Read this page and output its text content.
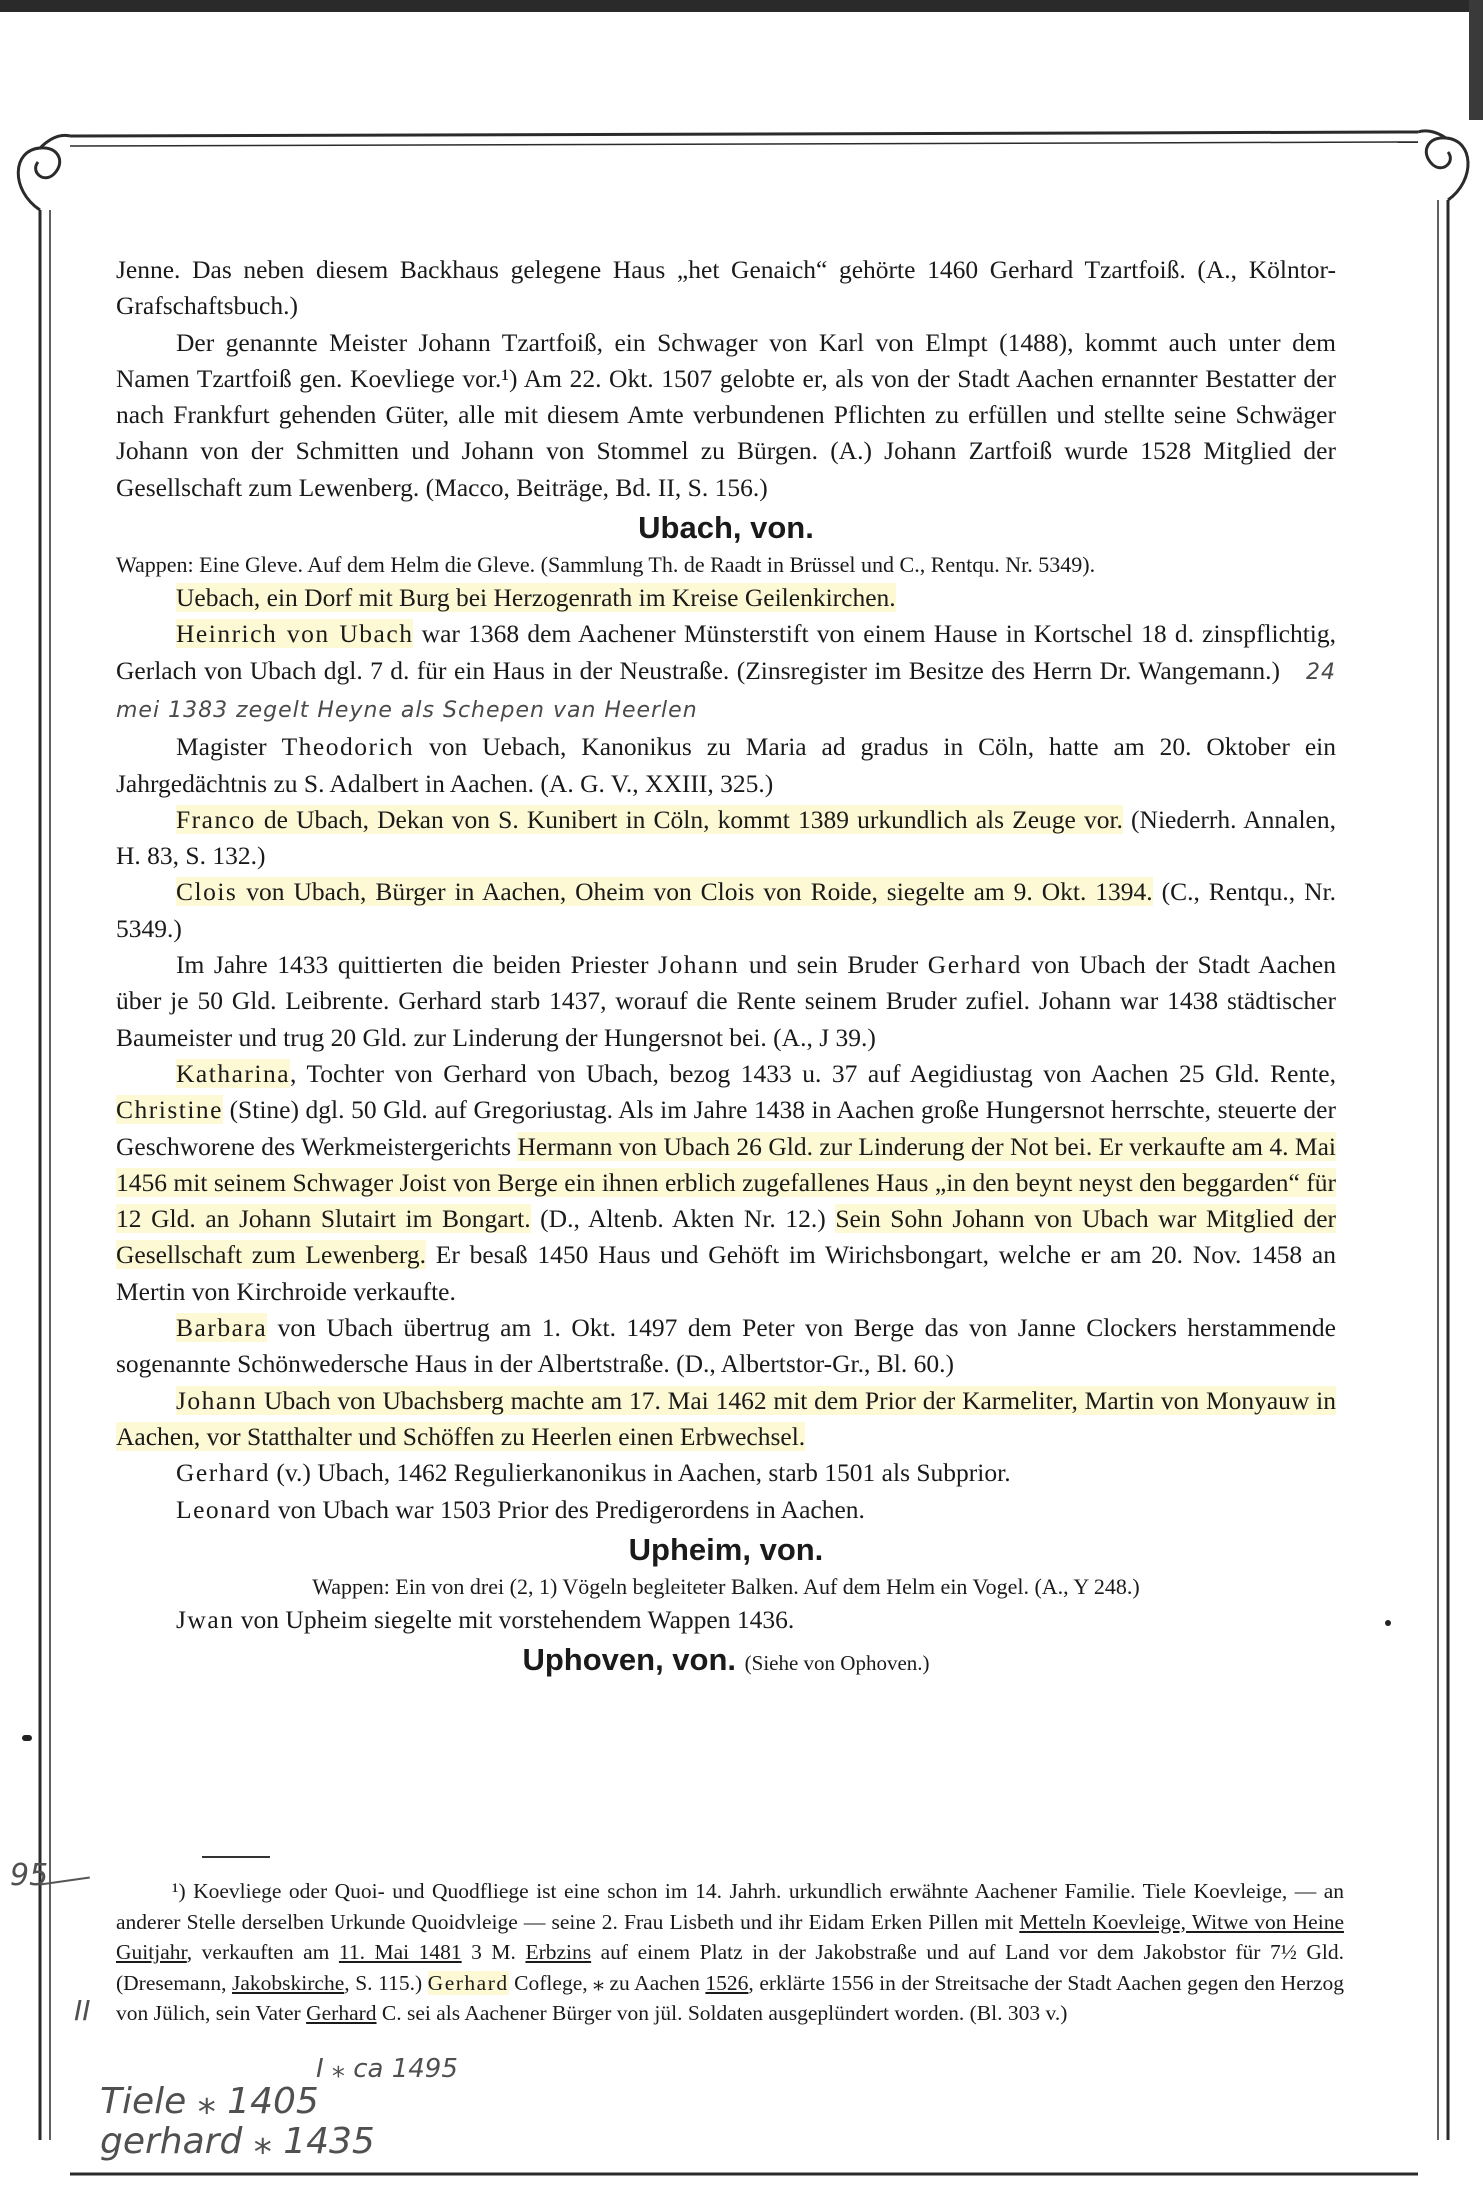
Jenne. Das neben diesem Backhaus gelegene Haus „het Genaich“ gehörte 1460 Gerhard Tzartfoiß. (A., Kölntor-Grafschaftsbuch.)

Der genannte Meister Johann Tzartfoiß, ein Schwager von Karl von Elmpt (1488), kommt auch unter dem Namen Tzartfoiß gen. Koevliege vor.¹) Am 22. Okt. 1507 gelobte er, als von der Stadt Aachen ernannter Bestatter der nach Frankfurt gehenden Güter, alle mit diesem Amte verbundenen Pflichten zu erfüllen und stellte seine Schwäger Johann von der Schmitten und Johann von Stommel zu Bürgen. (A.) Johann Zartfoiß wurde 1528 Mitglied der Gesellschaft zum Lewenberg. (Macco, Beiträge, Bd. II, S. 156.)

Ubach, von.

Wappen: Eine Gleve. Auf dem Helm die Gleve. (Sammlung Th. de Raadt in Brüssel und C., Rentqu. Nr. 5349).

Uebach, ein Dorf mit Burg bei Herzogenrath im Kreise Geilenkirchen.

Heinrich von Ubach war 1368 dem Aachener Münsterstift von einem Hause in Kortschel 18 d. zinspflichtig, Gerlach von Ubach dgl. 7 d. für ein Haus in der Neustraße. (Zinsregister im Besitze des Herrn Dr. Wangemann.) 24 mei 1383 zegelt Heyne als Schepen van Heerlen

Magister Theodorich von Uebach, Kanonikus zu Maria ad gradus in Cöln, hatte am 20. Oktober ein Jahrgedächtnis zu S. Adalbert in Aachen. (A. G. V., XXIII, 325.)

Franco de Ubach, Dekan von S. Kunibert in Cöln, kommt 1389 urkundlich als Zeuge vor. (Niederrh. Annalen, H. 83, S. 132.)

Clois von Ubach, Bürger in Aachen, Oheim von Clois von Roide, siegelte am 9. Okt. 1394. (C., Rentqu., Nr. 5349.)

Im Jahre 1433 quittierten die beiden Priester Johann und sein Bruder Gerhard von Ubach der Stadt Aachen über je 50 Gld. Leibrente. Gerhard starb 1437, worauf die Rente seinem Bruder zufiel. Johann war 1438 städtischer Baumeister und trug 20 Gld. zur Linderung der Hungersnot bei. (A., J 39.)

Katharina, Tochter von Gerhard von Ubach, bezog 1433 u. 37 auf Aegidiustag von Aachen 25 Gld. Rente, Christine (Stine) dgl. 50 Gld. auf Gregoriustag. Als im Jahre 1438 in Aachen große Hungersnot herrschte, steuerte der Geschworene des Werkmeistergerichts Hermann von Ubach 26 Gld. zur Linderung der Not bei. Er verkaufte am 4. Mai 1456 mit seinem Schwager Joist von Berge ein ihnen erblich zugefallenes Haus „in den beynt neyst den beggarden“ für 12 Gld. an Johann Slutairt im Bongart. (D., Altenb. Akten Nr. 12.) Sein Sohn Johann von Ubach war Mitglied der Gesellschaft zum Lewenberg. Er besaß 1450 Haus und Gehöft im Wirichsbongart, welche er am 20. Nov. 1458 an Mertin von Kirchroide verkaufte.

Barbara von Ubach übertrug am 1. Okt. 1497 dem Peter von Berge das von Janne Clockers herstammende sogenannte Schönwedersche Haus in der Albertstraße. (D., Albertstor-Gr., Bl. 60.)

Johann Ubach von Ubachsberg machte am 17. Mai 1462 mit dem Prior der Karmeliter, Martin von Monyauw in Aachen, vor Statthalter und Schöffen zu Heerlen einen Erbwechsel.

Gerhard (v.) Ubach, 1462 Regulierkanonikus in Aachen, starb 1501 als Subprior.

Leonard von Ubach war 1503 Prior des Predigerordens in Aachen.

Upheim, von.

Wappen: Ein von drei (2, 1) Vögeln begleiteter Balken. Auf dem Helm ein Vogel. (A., Y 248.)

Jwan von Upheim siegelte mit vorstehendem Wappen 1436.

Uphoven, von. (Siehe von Ophoven.)

¹) Koevliege oder Quoi- und Quodfliege ist eine schon im 14. Jahrh. urkundlich erwähnte Aachener Familie. Tiele Koevleige, — an anderer Stelle derselben Urkunde Quoidvleige — seine 2. Frau Lisbeth und ihr Eidam Erken Pillen mit Metteln Koevleige, Witwe von Heine Guitjahr, verkauften am 11. Mai 1481 3 M. Erbzins auf einem Platz in der Jakobstraße und auf Land vor dem Jakobstor für 7½ Gld. (Dresemann, Jakobskirche, S. 115.) Gerhard Coflege, ⁎ zu Aachen 1526, erklärte 1556 in der Streitsache der Stadt Aachen gegen den Herzog von Jülich, sein Vater Gerhard C. sei als Aachener Bürger von jül. Soldaten ausgeplündert worden. (Bl. 303 v.)

95
II
I ⁎ ca 1495
Tiele ⁎ 1405
gerhard ⁎ 1435
